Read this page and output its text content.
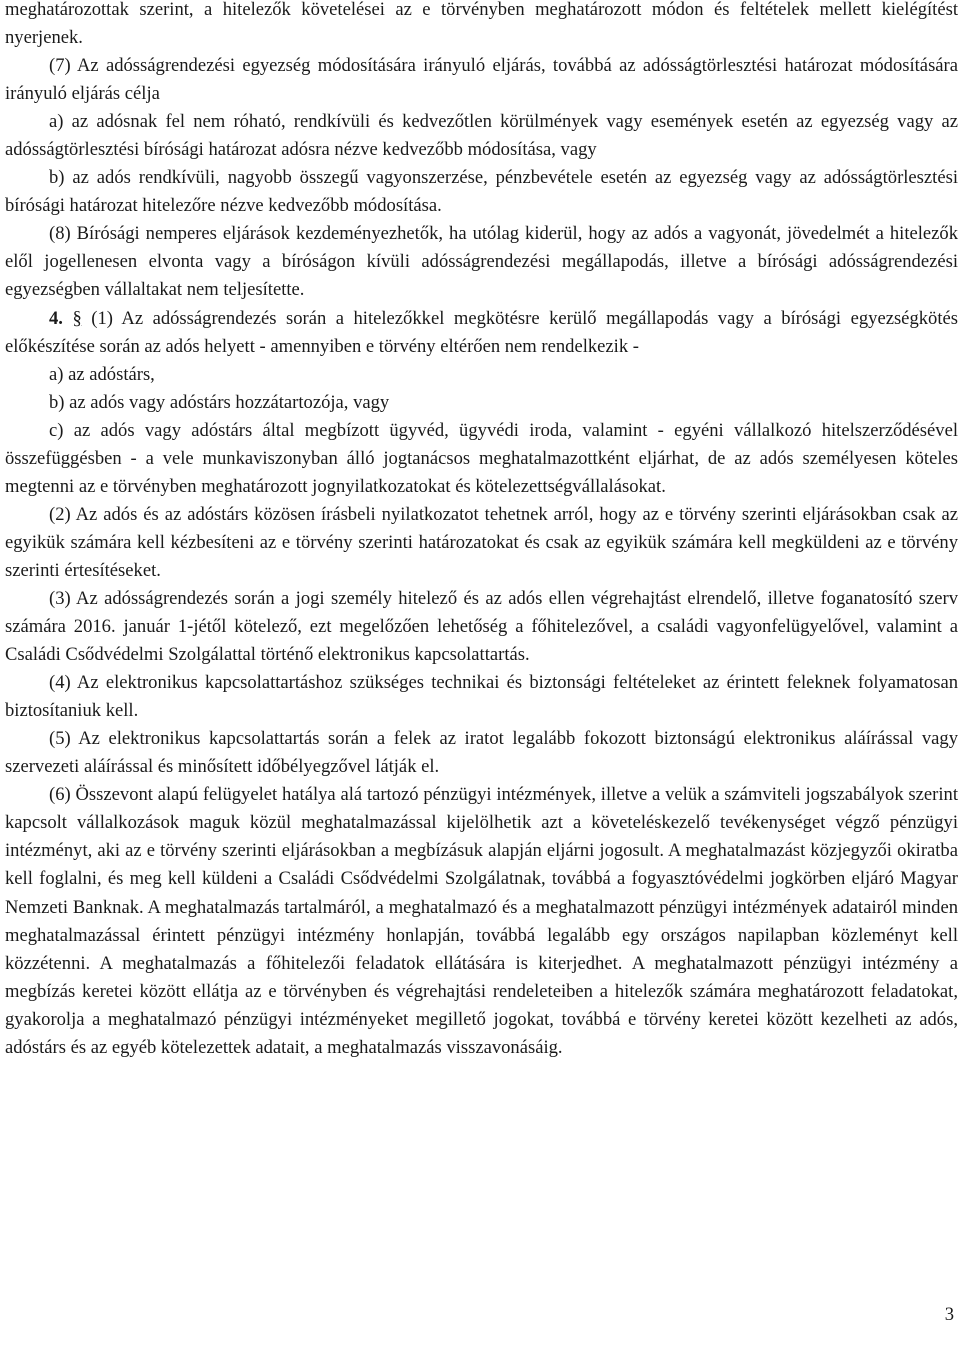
meghatározottak szerint, a hitelezők követelései az e törvényben meghatározott módon és feltételek mellett kielégítést nyerjenek.

(7) Az adósságrendezési egyezség módosítására irányuló eljárás, továbbá az adósságtörlesztési határozat módosítására irányuló eljárás célja

a) az adósnak fel nem róható, rendkívüli és kedvezőtlen körülmények vagy események esetén az egyezség vagy az adósságtörlesztési bírósági határozat adósra nézve kedvezőbb módosítása, vagy

b) az adós rendkívüli, nagyobb összegű vagyonszerzése, pénzbevétele esetén az egyezség vagy az adósságtörlesztési bírósági határozat hitelezőre nézve kedvezőbb módosítása.

(8) Bírósági nemperes eljárások kezdeményezhetők, ha utólag kiderül, hogy az adós a vagyonát, jövedelmét a hitelezők elől jogellenesen elvonta vagy a bíróságon kívüli adósságrendezési megállapodás, illetve a bírósági adósságrendezési egyezségben vállaltakat nem teljesítette.

4. § (1) Az adósságrendezés során a hitelezőkkel megkötésre kerülő megállapodás vagy a bírósági egyezségkötés előkészítése során az adós helyett - amennyiben e törvény eltérően nem rendelkezik -

a) az adóstárs,

b) az adós vagy adóstárs hozzátartozója, vagy

c) az adós vagy adóstárs által megbízott ügyvéd, ügyvédi iroda, valamint - egyéni vállalkozó hitelszerződésével összefüggésben - a vele munkaviszonyban álló jogtanácsos meghatalmazottként eljárhat, de az adós személyesen köteles megtenni az e törvényben meghatározott jognyilatkozatokat és kötelezettségvállalásokat.

(2) Az adós és az adóstárs közösen írásbeli nyilatkozatot tehetnek arról, hogy az e törvény szerinti eljárásokban csak az egyikük számára kell kézbesíteni az e törvény szerinti határozatokat és csak az egyikük számára kell megküldeni az e törvény szerinti értesítéseket.

(3) Az adósságrendezés során a jogi személy hitelező és az adós ellen végrehajtást elrendelő, illetve foganatosító szerv számára 2016. január 1-jétől kötelező, ezt megelőzően lehetőség a főhitelezővel, a családi vagyonfelügyelővel, valamint a Családi Csődvédelmi Szolgálattal történő elektronikus kapcsolattartás.

(4) Az elektronikus kapcsolattartáshoz szükséges technikai és biztonsági feltételeket az érintett feleknek folyamatosan biztosítaniuk kell.

(5) Az elektronikus kapcsolattartás során a felek az iratot legalább fokozott biztonságú elektronikus aláírással vagy szervezeti aláírással és minősített időbélyegzővel látják el.

(6) Összevont alapú felügyelet hatálya alá tartozó pénzügyi intézmények, illetve a velük a számviteli jogszabályok szerint kapcsolt vállalkozások maguk közül meghatalmazással kijelölhetik azt a követeléskezelő tevékenységet végző pénzügyi intézményt, aki az e törvény szerinti eljárásokban a megbízásuk alapján eljárni jogosult. A meghatalmazást közjegyzői okiratba kell foglalni, és meg kell küldeni a Családi Csődvédelmi Szolgálatnak, továbbá a fogyasztóvédelmi jogkörben eljáró Magyar Nemzeti Banknak. A meghatalmazás tartalmáról, a meghatalmazó és a meghatalmazott pénzügyi intézmények adatairól minden meghatalmazással érintett pénzügyi intézmény honlapján, továbbá legalább egy országos napilapban közleményt kell közzétenni. A meghatalmazás a főhitelezői feladatok ellátására is kiterjedhet. A meghatalmazott pénzügyi intézmény a megbízás keretei között ellátja az e törvényben és végrehajtási rendeleteiben a hitelezők számára meghatározott feladatokat, gyakorolja a meghatalmazó pénzügyi intézményeket megillető jogokat, továbbá e törvény keretei között kezelheti az adós, adóstárs és az egyéb kötelezettek adatait, a meghatalmazás visszavonásáig.

3
